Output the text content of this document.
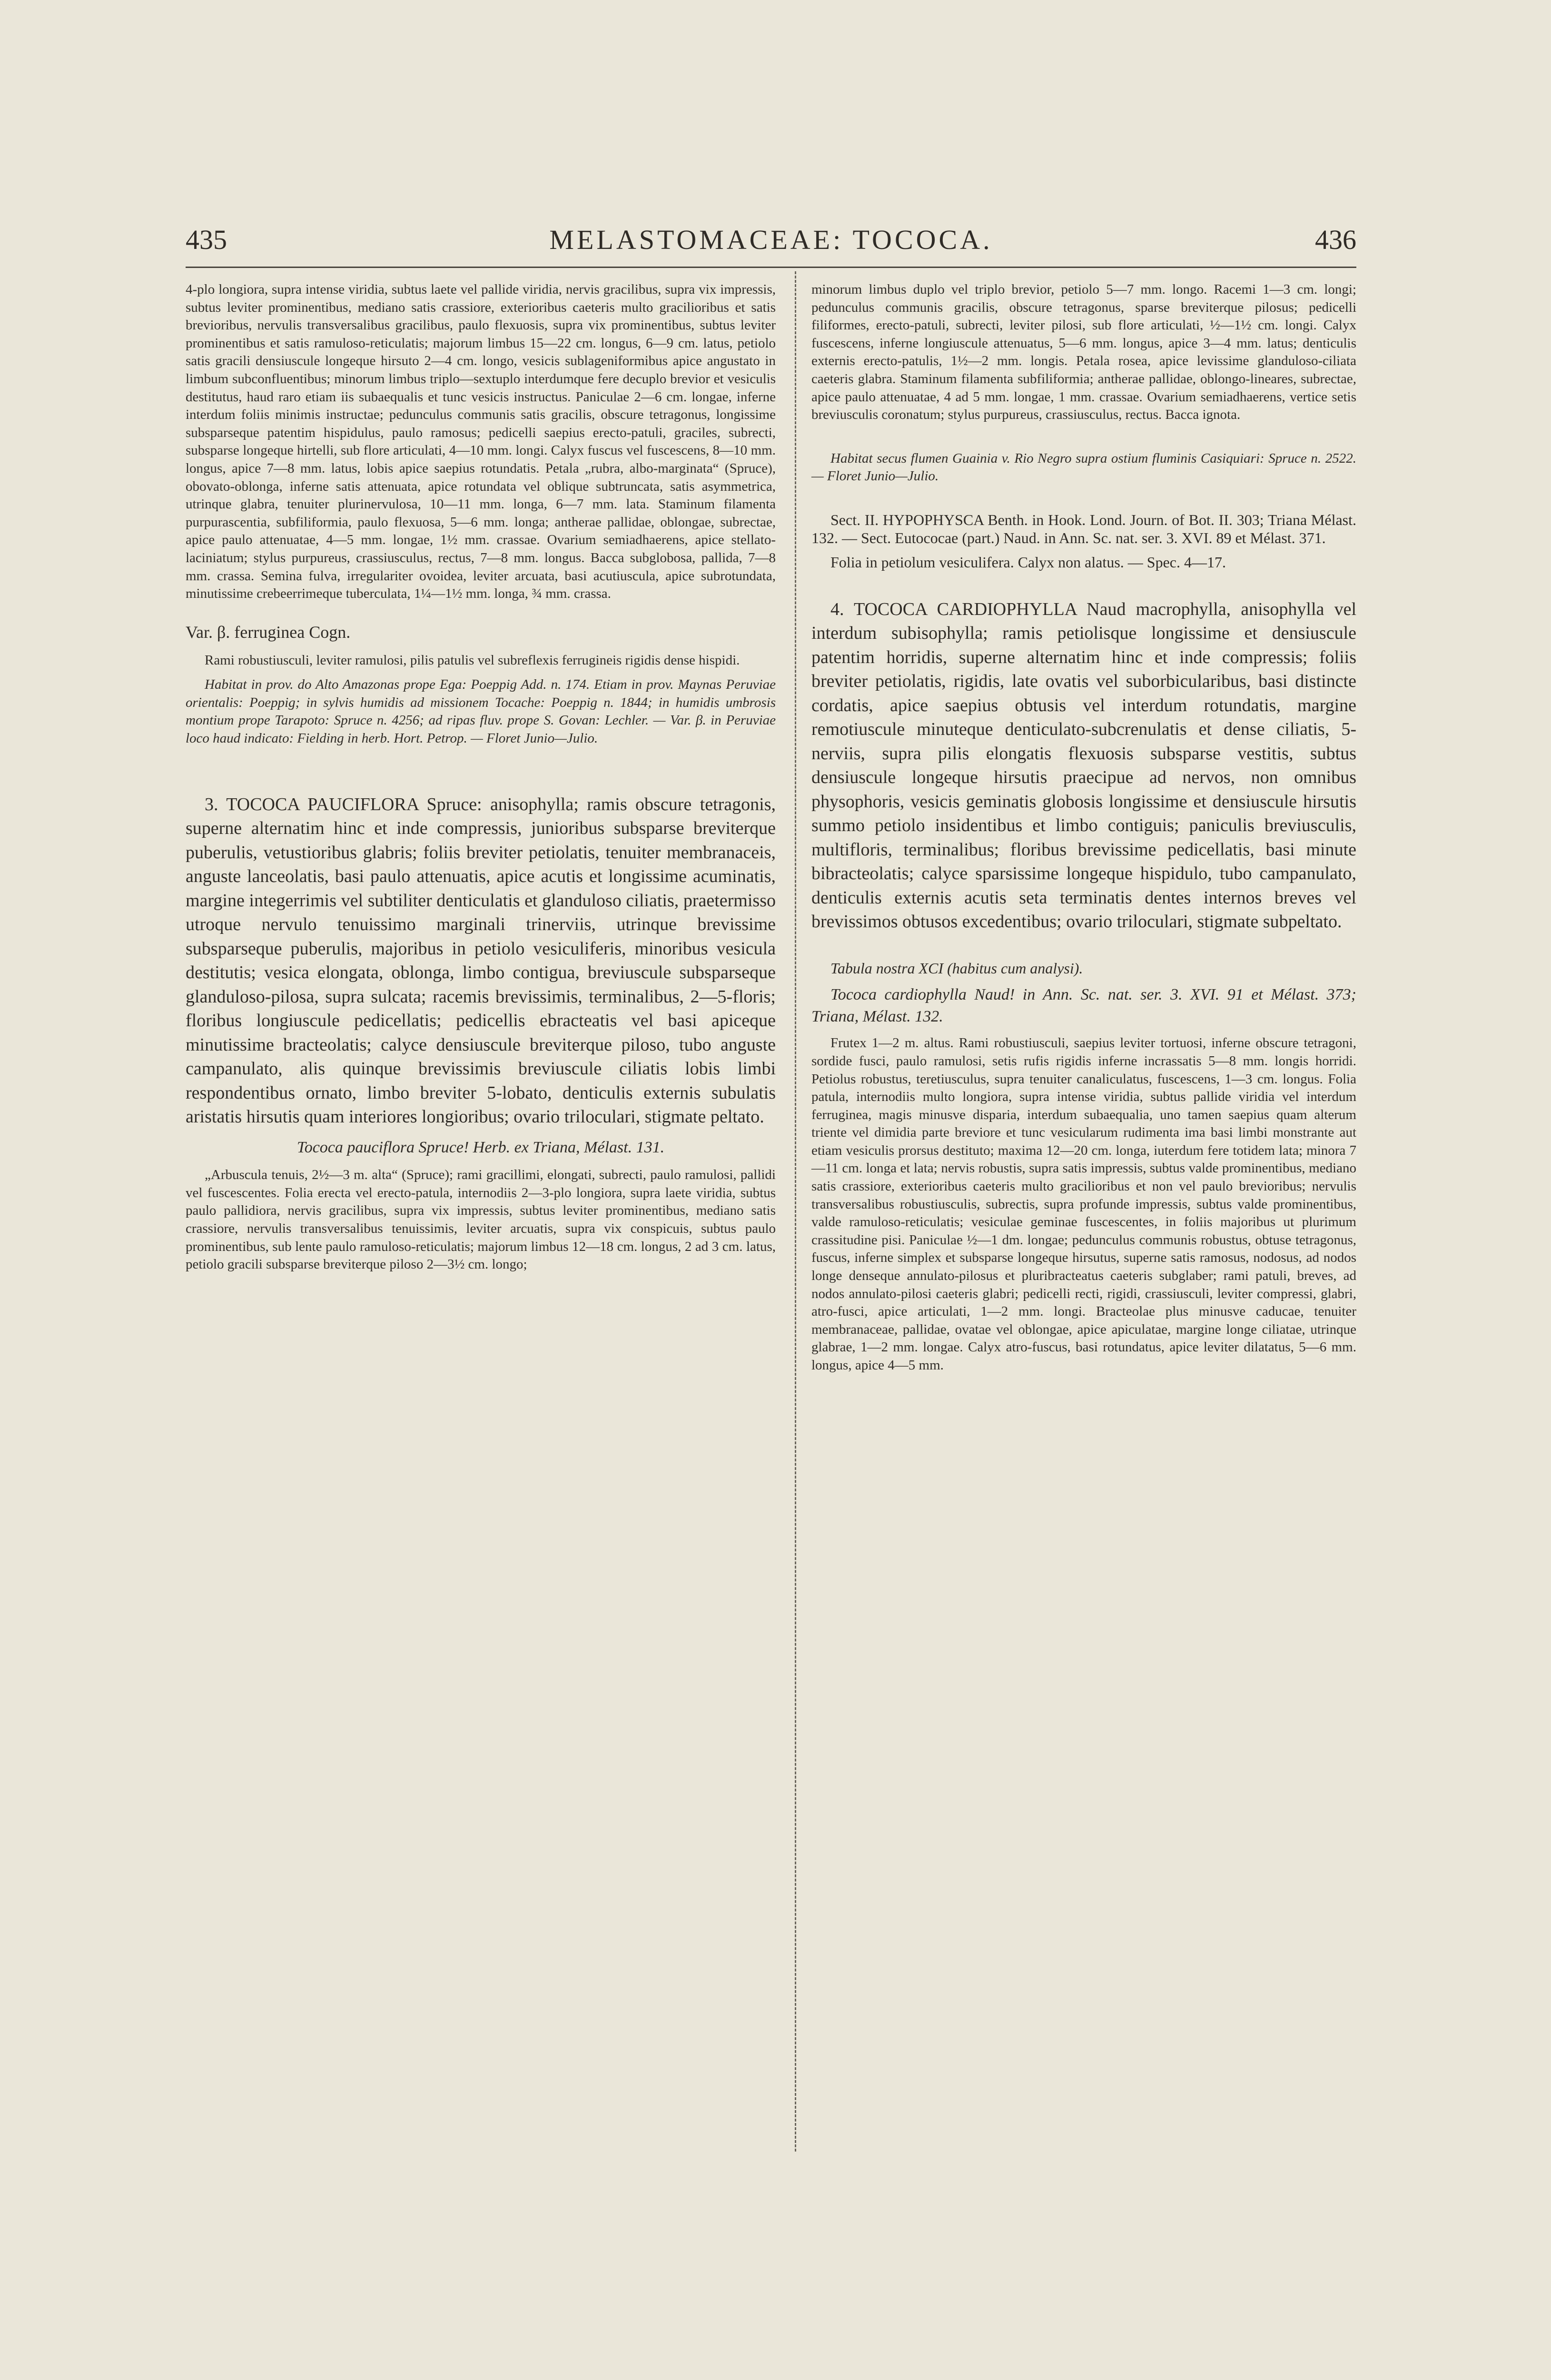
435	MELASTOMACEAE: TOCOCA.	436

4-plo longiora, supra intense viridia, subtus laete vel pallide viridia, nervis gracilibus, supra vix impressis, subtus leviter prominentibus, mediano satis crassiore, exterioribus caeteris multo gracilioribus et satis brevioribus, nervulis transversalibus gracilibus, paulo flexuosis, supra vix prominentibus, subtus leviter prominentibus et satis ramuloso-reticulatis; majorum limbus 15—22 cm. longus, 6—9 cm. latus, petiolo satis gracili densiuscule longeque hirsuto 2—4 cm. longo, vesicis sublageniformibus apice angustato in limbum subconfluentibus; minorum limbus triplo—sextuplo interdumque fere decuplo brevior et vesiculis destitutus, haud raro etiam iis subaequalis et tunc vesicis instructus. Paniculae 2—6 cm. longae, inferne interdum foliis minimis instructae; pedunculus communis satis gracilis, obscure tetragonus, longissime subsparseque patentim hispidulus, paulo ramosus; pedicelli saepius erecto-patuli, graciles, subrecti, subsparse longeque hirtelli, sub flore articulati, 4—10 mm. longi. Calyx fuscus vel fuscescens, 8—10 mm. longus, apice 7—8 mm. latus, lobis apice saepius rotundatis. Petala „rubra, albo-marginata“ (Spruce), obovato-oblonga, inferne satis attenuata, apice rotundata vel oblique subtruncata, satis asymmetrica, utrinque glabra, tenuiter plurinervulosa, 10—11 mm. longa, 6—7 mm. lata. Staminum filamenta purpurascentia, subfiliformia, paulo flexuosa, 5—6 mm. longa; antherae pallidae, oblongae, subrectae, apice paulo attenuatae, 4—5 mm. longae, 1½ mm. crassae. Ovarium semiadhaerens, apice stellato-laciniatum; stylus purpureus, crassiusculus, rectus, 7—8 mm. longus. Bacca subglobosa, pallida, 7—8 mm. crassa. Semina fulva, irregulariter ovoidea, leviter arcuata, basi acutiuscula, apice subrotundata, minutissime crebeerrimeque tuberculata, 1¼—1½ mm. longa, ¾ mm. crassa.

Var. β. ferruginea Cogn.

Rami robustiusculi, leviter ramulosi, pilis patulis vel subreflexis ferrugineis rigidis dense hispidi.

Habitat in prov. do Alto Amazonas prope Ega: Poeppig Add. n. 174. Etiam in prov. Maynas Peruviae orientalis: Poeppig; in sylvis humidis ad missionem Tocache: Poeppig n. 1844; in humidis umbrosis montium prope Tarapoto: Spruce n. 4256; ad ripas fluv. prope S. Govan: Lechler. — Var. β. in Peruviae loco haud indicato: Fielding in herb. Hort. Petrop. — Floret Junio—Julio.

3. TOCOCA PAUCIFLORA Spruce: anisophylla; ramis obscure tetragonis, superne alternatim hinc et inde compressis, junioribus subsparse breviterque puberulis, vetustioribus glabris; foliis breviter petiolatis, tenuiter membranaceis, anguste lanceolatis, basi paulo attenuatis, apice acutis et longissime acuminatis, margine integerrimis vel subtiliter denticulatis et glanduloso ciliatis, praetermisso utroque nervulo tenuissimo marginali trinerviis, utrinque brevissime subsparseque puberulis, majoribus in petiolo vesiculiferis, minoribus vesicula destitutis; vesica elongata, oblonga, limbo contigua, breviuscule subsparseque glanduloso-pilosa, supra sulcata; racemis brevissimis, terminalibus, 2—5-floris; floribus longiuscule pedicellatis; pedicellis ebracteatis vel basi apiceque minutissime bracteolatis; calyce densiuscule breviterque piloso, tubo anguste campanulato, alis quinque brevissimis breviuscule ciliatis lobis limbi respondentibus ornato, limbo breviter 5-lobato, denticulis externis subulatis aristatis hirsutis quam interiores longioribus; ovario triloculari, stigmate peltato.

Tococa pauciflora Spruce! Herb. ex Triana, Mélast. 131.

„Arbuscula tenuis, 2½—3 m. alta“ (Spruce); rami gracillimi, elongati, subrecti, paulo ramulosi, pallidi vel fuscescentes. Folia erecta vel erecto-patula, internodiis 2—3-plo longiora, supra laete viridia, subtus paulo pallidiora, nervis gracilibus, supra vix impressis, subtus leviter prominentibus, mediano satis crassiore, nervulis transversalibus tenuissimis, leviter arcuatis, supra vix conspicuis, subtus paulo prominentibus, sub lente paulo ramuloso-reticulatis; majorum limbus 12—18 cm. longus, 2 ad 3 cm. latus, petiolo gracili subsparse breviterque piloso 2—3½ cm. longo;

minorum limbus duplo vel triplo brevior, petiolo 5—7 mm. longo. Racemi 1—3 cm. longi; pedunculus communis gracilis, obscure tetragonus, sparse breviterque pilosus; pedicelli filiformes, erecto-patuli, subrecti, leviter pilosi, sub flore articulati, ½—1½ cm. longi. Calyx fuscescens, inferne longiuscule attenuatus, 5—6 mm. longus, apice 3—4 mm. latus; denticulis externis erecto-patulis, 1½—2 mm. longis. Petala rosea, apice levissime glanduloso-ciliata caeteris glabra. Staminum filamenta subfiliformia; antherae pallidae, oblongo-lineares, subrectae, apice paulo attenuatae, 4 ad 5 mm. longae, 1 mm. crassae. Ovarium semiadhaerens, vertice setis breviusculis coronatum; stylus purpureus, crassiusculus, rectus. Bacca ignota.

Habitat secus flumen Guainia v. Rio Negro supra ostium fluminis Casiquiari: Spruce n. 2522. — Floret Junio—Julio.

Sect. II. HYPOPHYSCA Benth. in Hook. Lond. Journ. of Bot. II. 303; Triana Mélast. 132. — Sect. Eutococae (part.) Naud. in Ann. Sc. nat. ser. 3. XVI. 89 et Mélast. 371.

Folia in petiolum vesiculifera. Calyx non alatus. — Spec. 4—17.

4. TOCOCA CARDIOPHYLLA Naud macrophylla, anisophylla vel interdum subisophylla; ramis petiolisque longissime et densiuscule patentim horridis, superne alternatim hinc et inde compressis; foliis breviter petiolatis, rigidis, late ovatis vel suborbicularibus, basi distincte cordatis, apice saepius obtusis vel interdum rotundatis, margine remotiuscule minuteque denticulato-subcrenulatis et dense ciliatis, 5-nerviis, supra pilis elongatis flexuosis subsparse vestitis, subtus densiuscule longeque hirsutis praecipue ad nervos, non omnibus physophoris, vesicis geminatis globosis longissime et densiuscule hirsutis summo petiolo insidentibus et limbo contiguis; paniculis breviusculis, multifloris, terminalibus; floribus brevissime pedicellatis, basi minute bibracteolatis; calyce sparsissime longeque hispidulo, tubo campanulato, denticulis externis acutis seta terminatis dentes internos breves vel brevissimos obtusos excedentibus; ovario triloculari, stigmate subpeltato.

Tabula nostra XCI (habitus cum analysi).

Tococa cardiophylla Naud! in Ann. Sc. nat. ser. 3. XVI. 91 et Mélast. 373; Triana, Mélast. 132.

Frutex 1—2 m. altus. Rami robustiusculi, saepius leviter tortuosi, inferne obscure tetragoni, sordide fusci, paulo ramulosi, setis rufis rigidis inferne incrassatis 5—8 mm. longis horridi. Petiolus robustus, teretiusculus, supra tenuiter canaliculatus, fuscescens, 1—3 cm. longus. Folia patula, internodiis multo longiora, supra intense viridia, subtus pallide viridia vel interdum ferruginea, magis minusve disparia, interdum subaequalia, uno tamen saepius quam alterum triente vel dimidia parte breviore et tunc vesicularum rudimenta ima basi limbi monstrante aut etiam vesiculis prorsus destituto; maxima 12—20 cm. longa, iuterdum fere totidem lata; minora 7—11 cm. longa et lata; nervis robustis, supra satis impressis, subtus valde prominentibus, mediano satis crassiore, exterioribus caeteris multo gracilioribus et non vel paulo brevioribus; nervulis transversalibus robustiusculis, subrectis, supra profunde impressis, subtus valde prominentibus, valde ramuloso-reticulatis; vesiculae geminae fuscescentes, in foliis majoribus ut plurimum crassitudine pisi. Paniculae ½—1 dm. longae; pedunculus communis robustus, obtuse tetragonus, fuscus, inferne simplex et subsparse longeque hirsutus, superne satis ramosus, nodosus, ad nodos longe denseque annulato-pilosus et pluribracteatus caeteris subglaber; rami patuli, breves, ad nodos annulato-pilosi caeteris glabri; pedicelli recti, rigidi, crassiusculi, leviter compressi, glabri, atro-fusci, apice articulati, 1—2 mm. longi. Bracteolae plus minusve caducae, tenuiter membranaceae, pallidae, ovatae vel oblongae, apice apiculatae, margine longe ciliatae, utrinque glabrae, 1—2 mm. longae. Calyx atro-fuscus, basi rotundatus, apice leviter dilatatus, 5—6 mm. longus, apice 4—5 mm.
